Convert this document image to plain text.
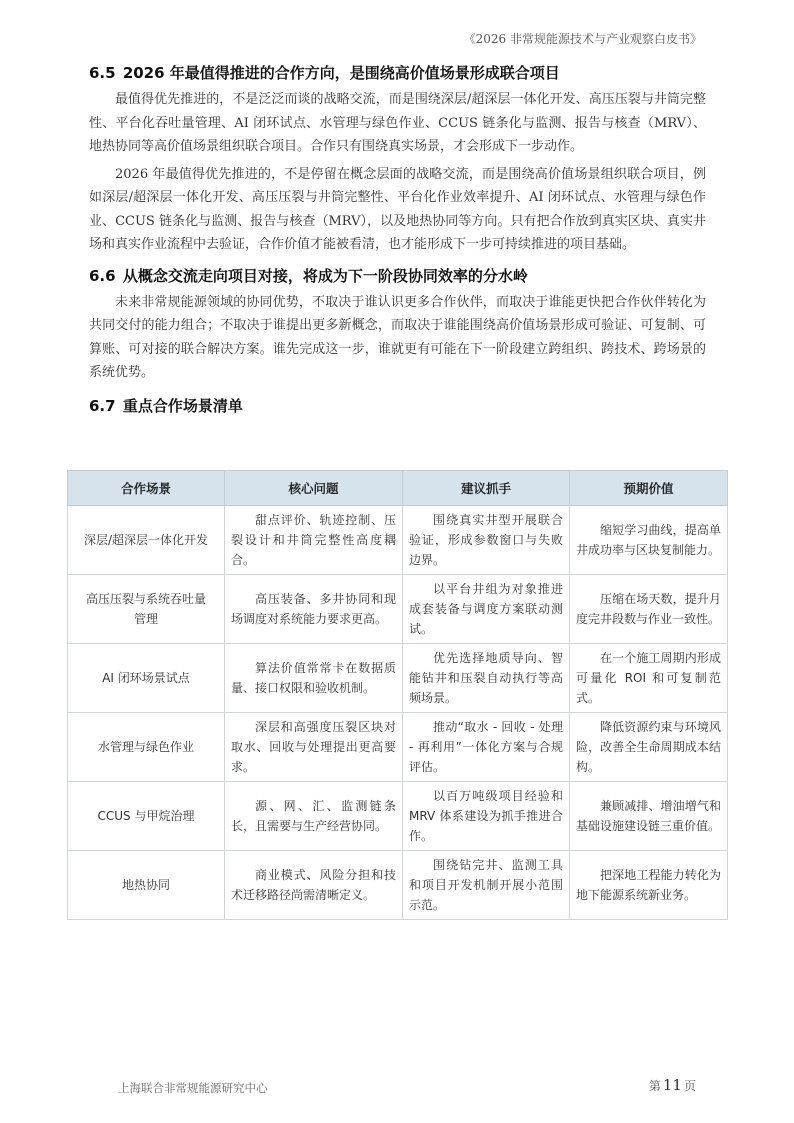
《2026 非常规能源技术与产业观察白皮书》
6.5 2026 年最值得推进的合作方向，是围绕高价值场景形成联合项目

最值得优先推进的，不是泛泛而谈的战略交流，而是围绕深层/超深层一体化开发、高压压裂与井筒完整性、平台化吞吐量管理、AI 闭环试点、水管理与绿色作业、CCUS 链条化与监测、报告与核查（MRV）、地热协同等高价值场景组织联合项目。合作只有围绕真实场景，才会形成下一步动作。

2026 年最值得优先推进的，不是停留在概念层面的战略交流，而是围绕高价值场景组织联合项目，例如深层/超深层一体化开发、高压压裂与井筒完整性、平台化作业效率提升、AI 闭环试点、水管理与绿色作业、CCUS 链条化与监测、报告与核查（MRV），以及地热协同等方向。只有把合作放到真实区块、真实井场和真实作业流程中去验证，合作价值才能被看清，也才能形成下一步可持续推进的项目基础。

6.6 从概念交流走向项目对接，将成为下一阶段协同效率的分水岭

未来非常规能源领域的协同优势，不取决于谁认识更多合作伙伴，而取决于谁能更快把合作伙伴转化为共同交付的能力组合；不取决于谁提出更多新概念，而取决于谁能围绕高价值场景形成可验证、可复制、可算账、可对接的联合解决方案。谁先完成这一步，谁就更有可能在下一阶段建立跨组织、跨技术、跨场景的系统优势。

6.7 重点合作场景清单
合作场景	核心问题	建议抓手	预期价值
深层/超深层一体化开发	甜点评价、轨迹控制、压裂设计和井筒完整性高度耦合。	围绕真实井型开展联合验证，形成参数窗口与失败边界。	缩短学习曲线，提高单井成功率与区块复制能力。
高压压裂与系统吞吐量管理	高压装备、多井协同和现场调度对系统能力要求更高。	以平台井组为对象推进成套装备与调度方案联动测试。	压缩在场天数，提升月度完井段数与作业一致性。
AI 闭环场景试点	算法价值常常卡在数据质量、接口权限和验收机制。	优先选择地质导向、智能钻井和压裂自动执行等高频场景。	在一个施工周期内形成可量化 ROI 和可复制范式。
水管理与绿色作业	深层和高强度压裂区块对取水、回收与处理提出更高要求。	推动“取水 - 回收 - 处理 - 再利用”一体化方案与合规评估。	降低资源约束与环境风险，改善全生命周期成本结构。
CCUS 与甲烷治理	源、网、汇、监测链条长，且需要与生产经营协同。	以百万吨级项目经验和 MRV 体系建设为抓手推进合作。	兼顾减排、增油增气和基础设施建设链三重价值。
地热协同	商业模式、风险分担和技术迁移路径尚需清晰定义。	围绕钻完井、监测工具和项目开发机制开展小范围示范。	把深地工程能力转化为地下能源系统新业务。
上海联合非常规能源研究中心	第 11 页
